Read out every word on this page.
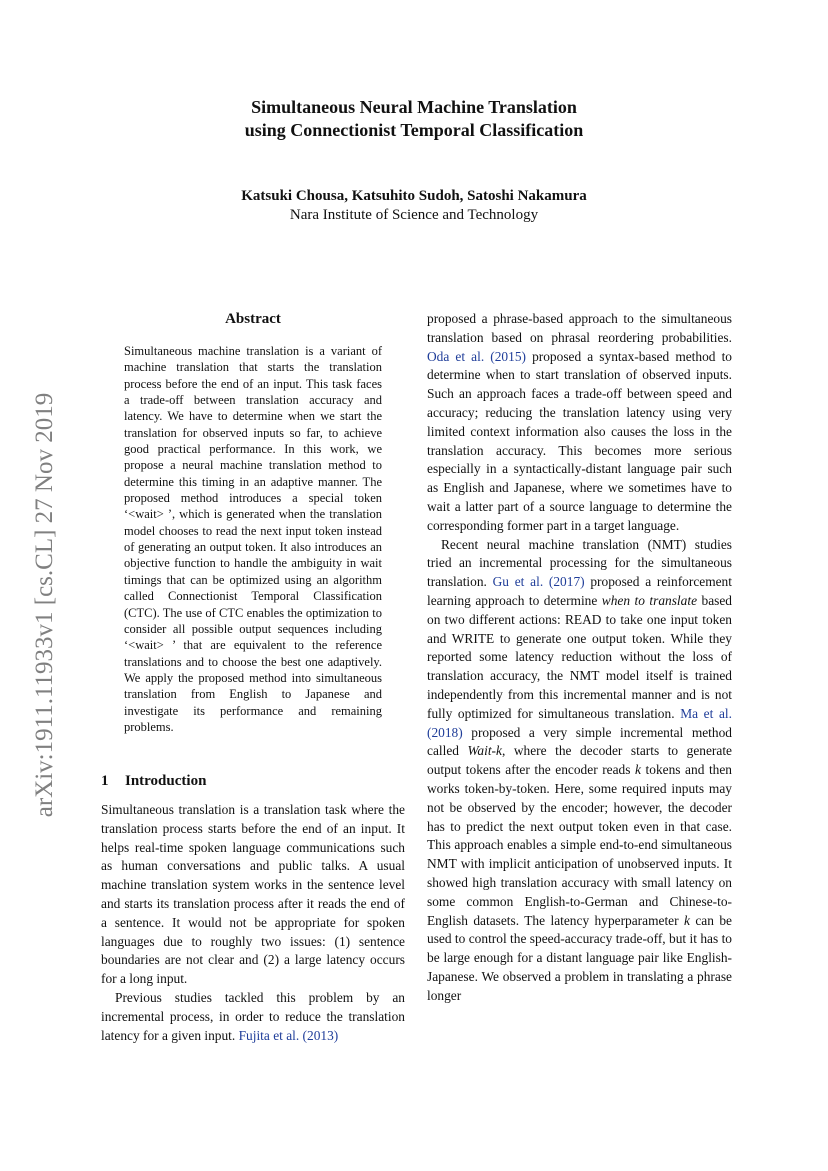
Simultaneous Neural Machine Translation
using Connectionist Temporal Classification
Katsuki Chousa, Katsuhito Sudoh, Satoshi Nakamura
Nara Institute of Science and Technology
arXiv:1911.11933v1 [cs.CL] 27 Nov 2019
Abstract

Simultaneous machine translation is a variant of machine translation that starts the translation process before the end of an input. This task faces a trade-off between translation accuracy and latency. We have to determine when we start the translation for observed inputs so far, to achieve good practical performance. In this work, we propose a neural machine translation method to determine this timing in an adaptive manner. The proposed method introduces a special token ‘<wait> ’, which is generated when the translation model chooses to read the next input token instead of generating an output token. It also introduces an objective function to handle the ambiguity in wait timings that can be optimized using an algorithm called Connectionist Temporal Classification (CTC). The use of CTC enables the optimization to consider all possible output sequences including ‘<wait> ’ that are equivalent to the reference translations and to choose the best one adaptively. We apply the proposed method into simultaneous translation from English to Japanese and investigate its performance and remaining problems.

1 Introduction

Simultaneous translation is a translation task where the translation process starts before the end of an input. It helps real-time spoken language communications such as human conversations and public talks. A usual machine translation system works in the sentence level and starts its translation process after it reads the end of a sentence. It would not be appropriate for spoken languages due to roughly two issues: (1) sentence boundaries are not clear and (2) a large latency occurs for a long input.

Previous studies tackled this problem by an incremental process, in order to reduce the translation latency for a given input. Fujita et al. (2013)

proposed a phrase-based approach to the simultaneous translation based on phrasal reordering probabilities. Oda et al. (2015) proposed a syntax-based method to determine when to start translation of observed inputs. Such an approach faces a trade-off between speed and accuracy; reducing the translation latency using very limited context information also causes the loss in the translation accuracy. This becomes more serious especially in a syntactically-distant language pair such as English and Japanese, where we sometimes have to wait a latter part of a source language to determine the corresponding former part in a target language.

Recent neural machine translation (NMT) studies tried an incremental processing for the simultaneous translation. Gu et al. (2017) proposed a reinforcement learning approach to determine when to translate based on two different actions: READ to take one input token and WRITE to generate one output token. While they reported some latency reduction without the loss of translation accuracy, the NMT model itself is trained independently from this incremental manner and is not fully optimized for simultaneous translation. Ma et al. (2018) proposed a very simple incremental method called Wait-k, where the decoder starts to generate output tokens after the encoder reads k tokens and then works token-by-token. Here, some required inputs may not be observed by the encoder; however, the decoder has to predict the next output token even in that case. This approach enables a simple end-to-end simultaneous NMT with implicit anticipation of unobserved inputs. It showed high translation accuracy with small latency on some common English-to-German and Chinese-to-English datasets. The latency hyperparameter k can be used to control the speed-accuracy trade-off, but it has to be large enough for a distant language pair like English-Japanese. We observed a problem in translating a phrase longer
